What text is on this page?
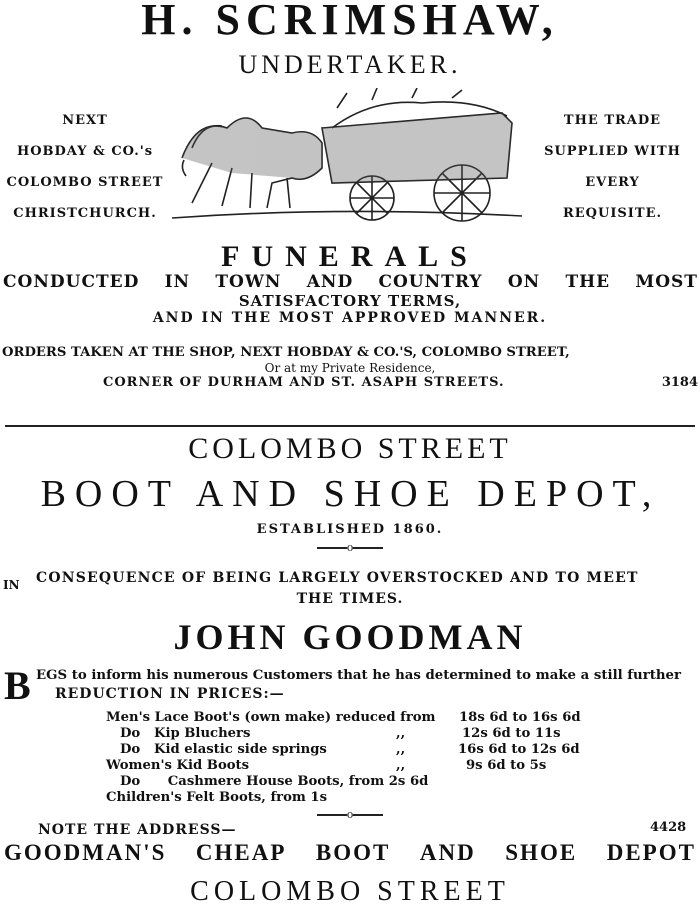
H. SCRIMSHAW,
UNDERTAKER.
NEXT
HOBDAY & CO.'s
COLOMBO STREET
CHRISTCHURCH.
THE TRADE
SUPPLIED WITH
EVERY
REQUISITE.
FUNERALS
CONDUCTED IN TOWN AND COUNTRY ON THE MOST
SATISFACTORY TERMS,
AND IN THE MOST APPROVED MANNER.
ORDERS TAKEN AT THE SHOP, NEXT HOBDAY & CO.'S, COLOMBO STREET,
Or at my Private Residence,
CORNER OF DURHAM AND ST. ASAPH STREETS.	3184
COLOMBO STREET
BOOT AND SHOE DEPOT,
ESTABLISHED 1860.
o
IN CONSEQUENCE OF BEING LARGELY OVERSTOCKED AND TO MEET
THE TIMES.
JOHN GOODMAN
B EGS to inform his numerous Customers that he has determined to make a still further
REDUCTION IN PRICES:—
Men's Lace Boot's (own make) reduced from 18s 6d to 16s 6d
Do   Kip Bluchers	,,	12s 6d to 11s
Do   Kid elastic side springs	,,	16s 6d to 12s 6d
Women's Kid Boots	,,	9s 6d to 5s
Do      Cashmere House Boots, from 2s 6d
Children's Felt Boots, from 1s
o
NOTE THE ADDRESS—	4428
GOODMAN'S CHEAP BOOT AND SHOE DEPOT
COLOMBO STREET
